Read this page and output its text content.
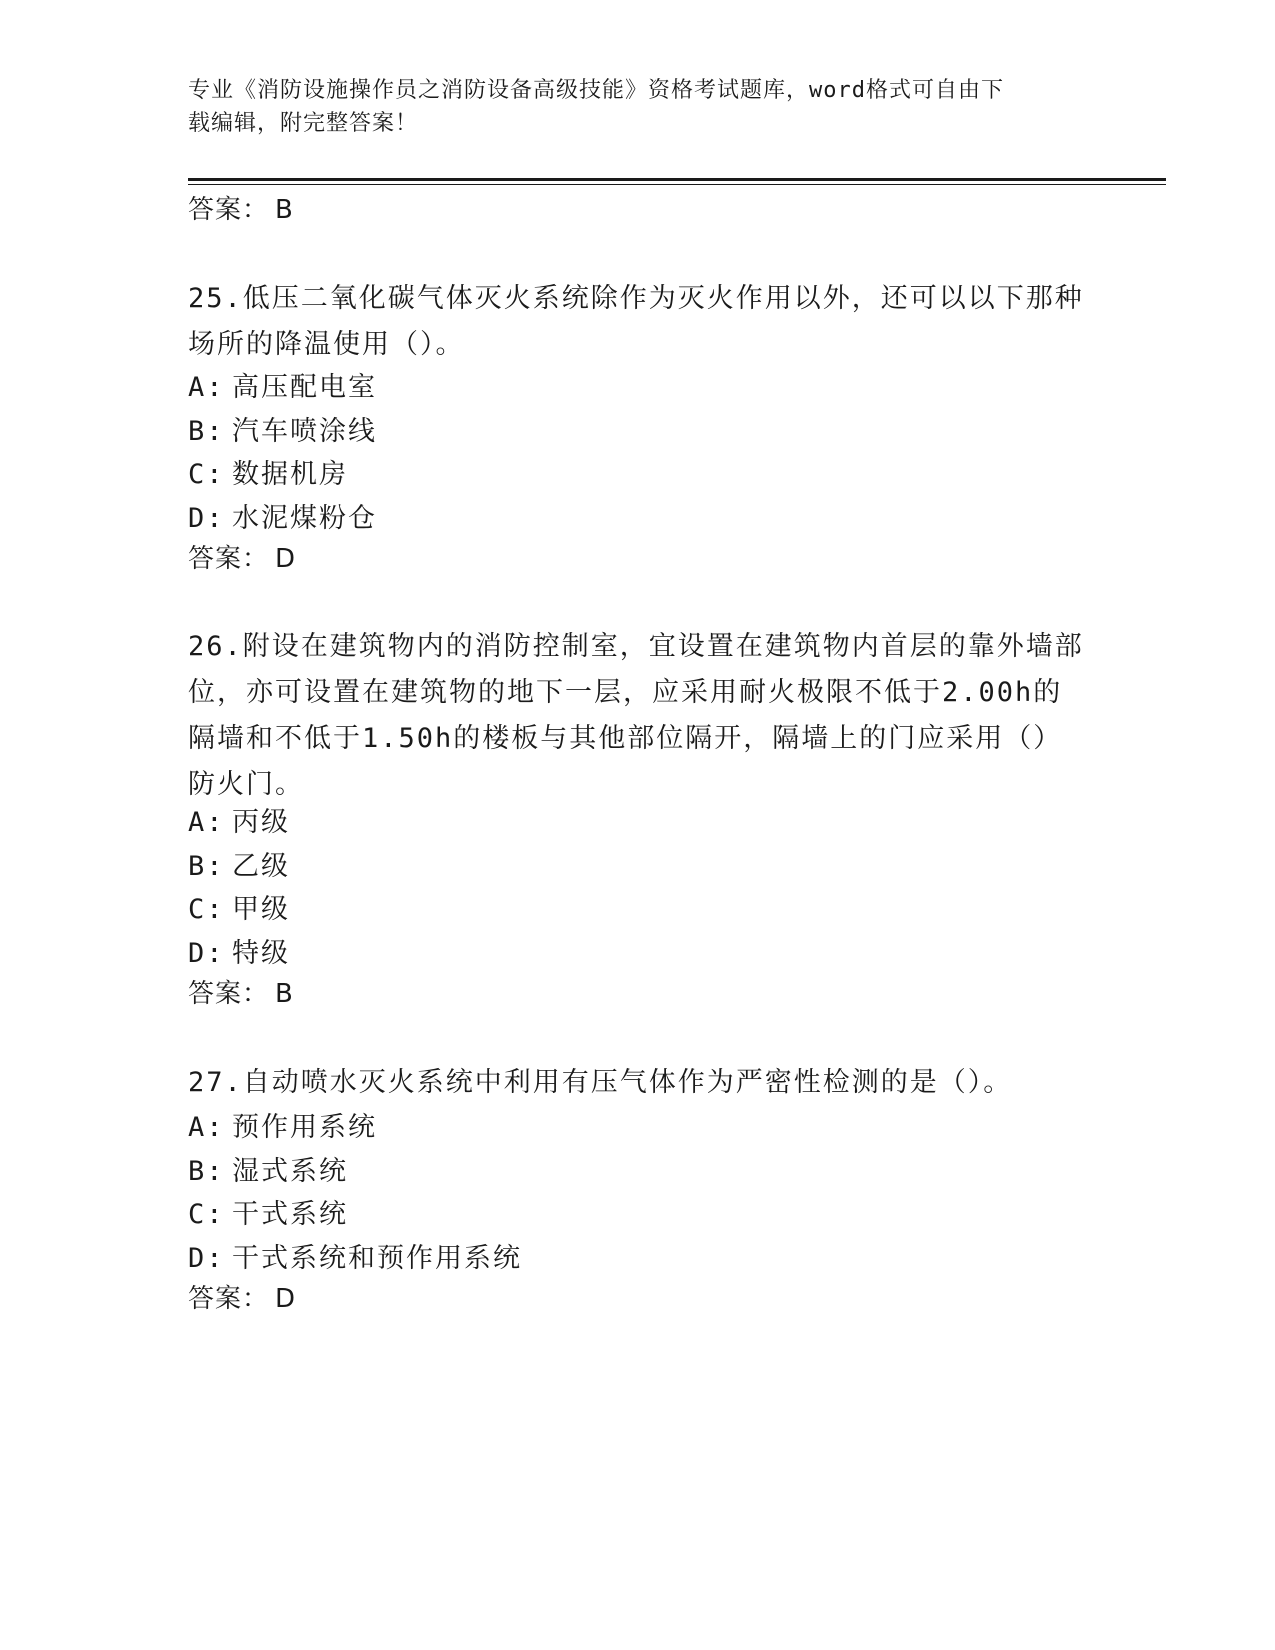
专业《消防设施操作员之消防设备高级技能》资格考试题库，word格式可自由下
载编辑，附完整答案！
答案： B
25.低压二氧化碳气体灭火系统除作为灭火作用以外，还可以以下那种
场所的降温使用（）。
A: 高压配电室
B: 汽车喷涂线
C: 数据机房
D: 水泥煤粉仓
答案： D
26.附设在建筑物内的消防控制室，宜设置在建筑物内首层的靠外墙部
位，亦可设置在建筑物的地下一层，应采用耐火极限不低于2.00h的
隔墙和不低于1.50h的楼板与其他部位隔开，隔墙上的门应采用（）
防火门。
A: 丙级
B: 乙级
C: 甲级
D: 特级
答案： B
27.自动喷水灭火系统中利用有压气体作为严密性检测的是（）。
A: 预作用系统
B: 湿式系统
C: 干式系统
D: 干式系统和预作用系统
答案： D
